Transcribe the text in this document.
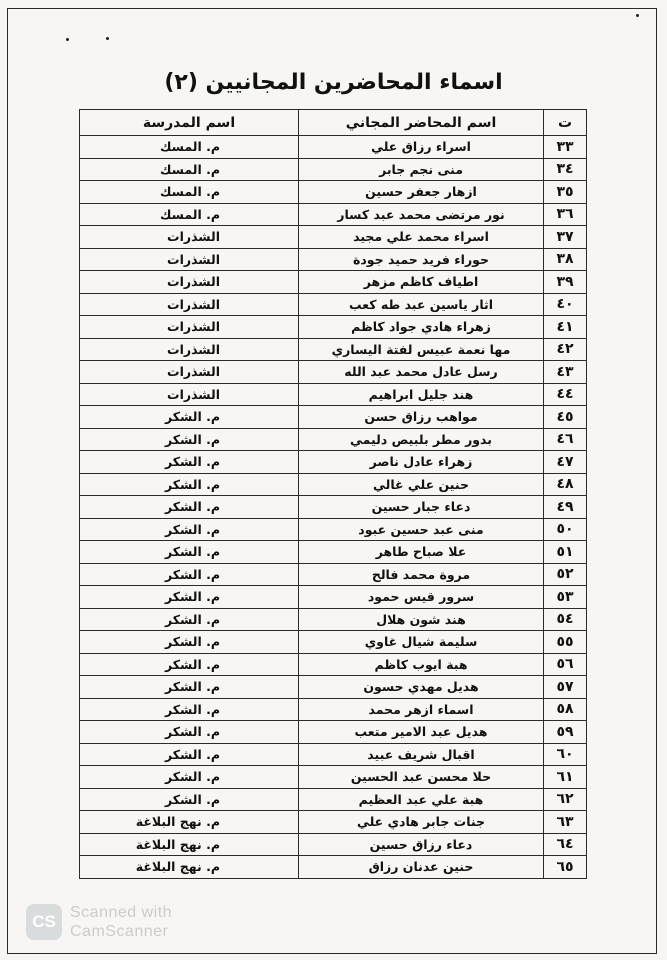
اسماء المحاضرين المجانيين (٢)
ت	اسم المحاضر المجاني	اسم المدرسة
٣٣	اسراء رزاق علي	م. المسك
٣٤	منى نجم جابر	م. المسك
٣٥	ازهار جعفر حسين	م. المسك
٣٦	نور مرتضى محمد عبد كسار	م. المسك
٣٧	اسراء محمد علي مجيد	الشذرات
٣٨	حوراء فريد حميد جودة	الشذرات
٣٩	اطياف كاظم مزهر	الشذرات
٤٠	اثار ياسين عبد طه كعب	الشذرات
٤١	زهراء هادي جواد كاظم	الشذرات
٤٢	مها نعمة عبيس لفتة اليساري	الشذرات
٤٣	رسل عادل محمد عبد الله	الشذرات
٤٤	هند جليل ابراهيم	الشذرات
٤٥	مواهب رزاق حسن	م. الشكر
٤٦	بدور مطر بلبيص دليمي	م. الشكر
٤٧	زهراء عادل ناصر	م. الشكر
٤٨	حنين علي غالي	م. الشكر
٤٩	دعاء جبار حسين	م. الشكر
٥٠	منى عبد حسين عبود	م. الشكر
٥١	علا صباح طاهر	م. الشكر
٥٢	مروة محمد فالح	م. الشكر
٥٣	سرور قيس حمود	م. الشكر
٥٤	هند شون هلال	م. الشكر
٥٥	سليمة شيال غاوي	م. الشكر
٥٦	هبة ايوب كاظم	م. الشكر
٥٧	هديل مهدي حسون	م. الشكر
٥٨	اسماء ازهر محمد	م. الشكر
٥٩	هديل عبد الامير متعب	م. الشكر
٦٠	اقبال شريف عبيد	م. الشكر
٦١	حلا محسن عبد الحسين	م. الشكر
٦٢	هبة علي عبد العظيم	م. الشكر
٦٣	جنات جابر هادي علي	م. نهج البلاغة
٦٤	دعاء رزاق حسين	م. نهج البلاغة
٦٥	حنين عدنان رزاق	م. نهج البلاغة
CS Scanned with
CamScanner
